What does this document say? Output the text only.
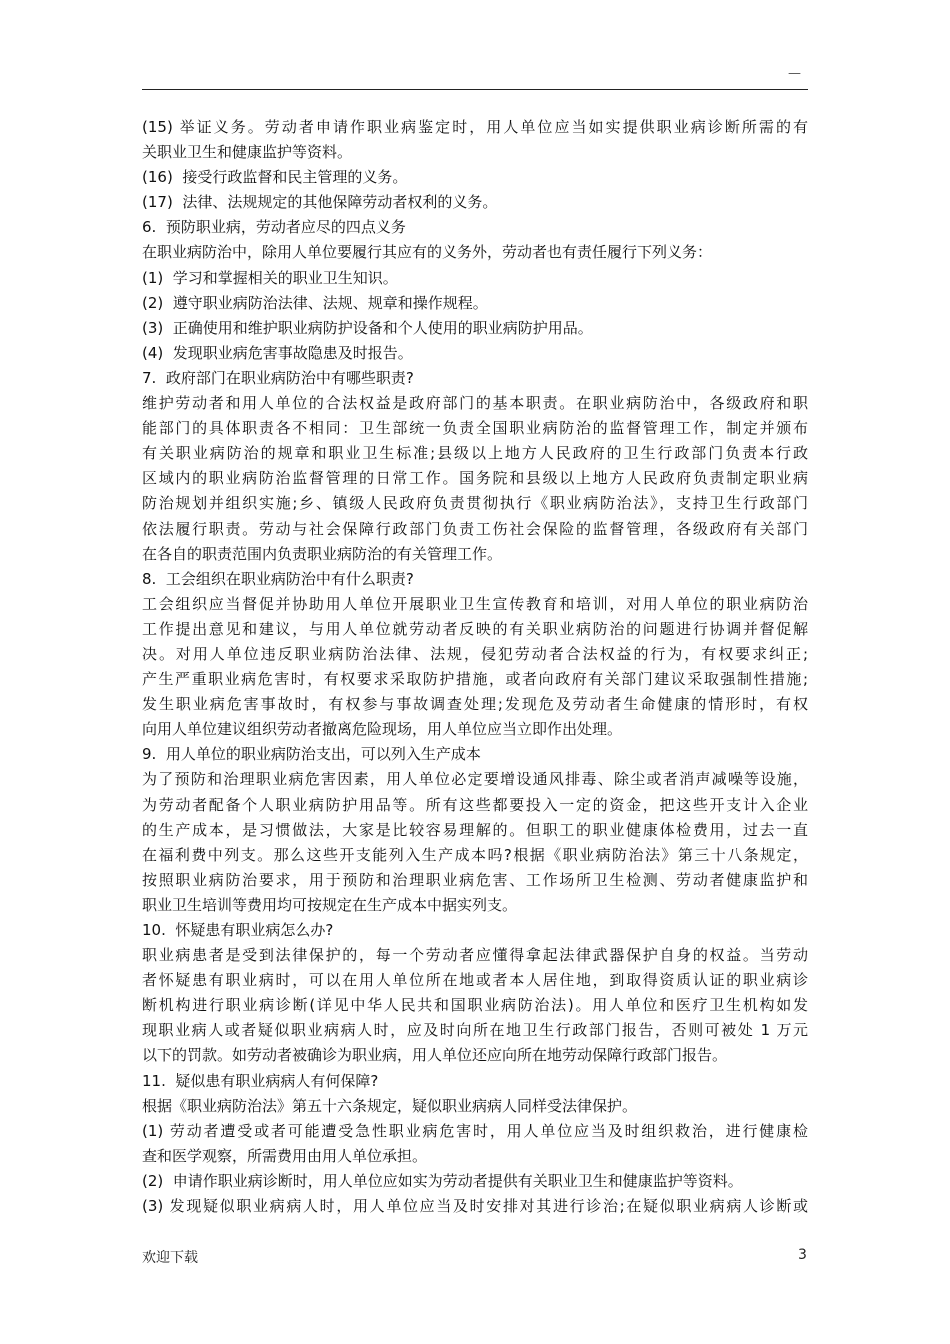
—
(15) 举证义务。劳动者申请作职业病鉴定时，用人单位应当如实提供职业病诊断所需的有
关职业卫生和健康监护等资料。
(16)  接受行政监督和民主管理的义务。
(17)  法律、法规规定的其他保障劳动者权利的义务。
6.  预防职业病，劳动者应尽的四点义务
在职业病防治中，除用人单位要履行其应有的义务外，劳动者也有责任履行下列义务：
(1)  学习和掌握相关的职业卫生知识。
(2)  遵守职业病防治法律、法规、规章和操作规程。
(3)  正确使用和维护职业病防护设备和个人使用的职业病防护用品。
(4)  发现职业病危害事故隐患及时报告。
7.  政府部门在职业病防治中有哪些职责?
维护劳动者和用人单位的合法权益是政府部门的基本职责。在职业病防治中，各级政府和职
能部门的具体职责各不相同：卫生部统一负责全国职业病防治的监督管理工作，制定并颁布
有关职业病防治的规章和职业卫生标准;县级以上地方人民政府的卫生行政部门负责本行政
区域内的职业病防治监督管理的日常工作。国务院和县级以上地方人民政府负责制定职业病
防治规划并组织实施;乡、镇级人民政府负责贯彻执行《职业病防治法》，支持卫生行政部门
依法履行职责。劳动与社会保障行政部门负责工伤社会保险的监督管理，各级政府有关部门
在各自的职责范围内负责职业病防治的有关管理工作。
8.  工会组织在职业病防治中有什么职责?
工会组织应当督促并协助用人单位开展职业卫生宣传教育和培训，对用人单位的职业病防治
工作提出意见和建议，与用人单位就劳动者反映的有关职业病防治的问题进行协调并督促解
决。对用人单位违反职业病防治法律、法规，侵犯劳动者合法权益的行为，有权要求纠正;
产生严重职业病危害时，有权要求采取防护措施，或者向政府有关部门建议采取强制性措施;
发生职业病危害事故时，有权参与事故调查处理;发现危及劳动者生命健康的情形时，有权
向用人单位建议组织劳动者撤离危险现场，用人单位应当立即作出处理。
9.  用人单位的职业病防治支出，可以列入生产成本
为了预防和治理职业病危害因素，用人单位必定要增设通风排毒、除尘或者消声减噪等设施，
为劳动者配备个人职业病防护用品等。所有这些都要投入一定的资金，把这些开支计入企业
的生产成本，是习惯做法，大家是比较容易理解的。但职工的职业健康体检费用，过去一直
在福利费中列支。那么这些开支能列入生产成本吗?根据《职业病防治法》第三十八条规定，
按照职业病防治要求，用于预防和治理职业病危害、工作场所卫生检测、劳动者健康监护和
职业卫生培训等费用均可按规定在生产成本中据实列支。
10.  怀疑患有职业病怎么办?
职业病患者是受到法律保护的，每一个劳动者应懂得拿起法律武器保护自身的权益。当劳动
者怀疑患有职业病时，可以在用人单位所在地或者本人居住地，到取得资质认证的职业病诊
断机构进行职业病诊断(详见中华人民共和国职业病防治法)。用人单位和医疗卫生机构如发
现职业病人或者疑似职业病病人时，应及时向所在地卫生行政部门报告，否则可被处 1 万元
以下的罚款。如劳动者被确诊为职业病，用人单位还应向所在地劳动保障行政部门报告。
11.  疑似患有职业病病人有何保障?
根据《职业病防治法》第五十六条规定，疑似职业病病人同样受法律保护。
(1) 劳动者遭受或者可能遭受急性职业病危害时，用人单位应当及时组织救治，进行健康检
查和医学观察，所需费用由用人单位承担。
(2)  申请作职业病诊断时，用人单位应如实为劳动者提供有关职业卫生和健康监护等资料。
(3) 发现疑似职业病病人时，用人单位应当及时安排对其进行诊治;在疑似职业病病人诊断或
欢迎下载	3
